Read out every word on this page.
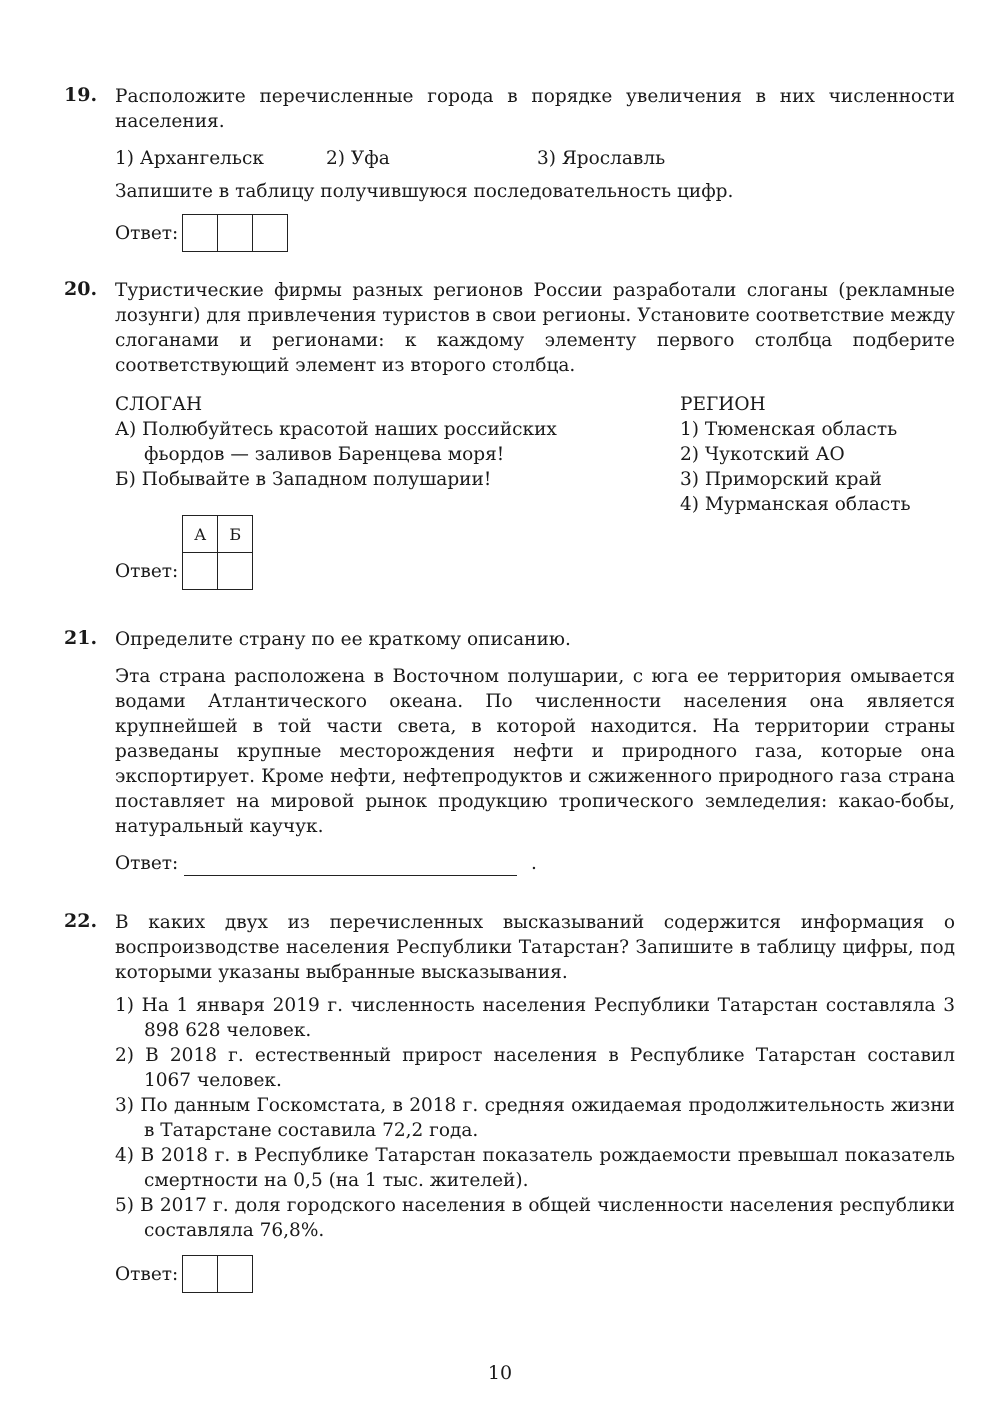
19. Расположите перечисленные города в порядке увеличения в них численности населения.

1) Архангельск	2) Уфа	3) Ярославль

Запишите в таблицу получившуюся последовательность цифр.

Ответ:
20. Туристические фирмы разных регионов России разработали слоганы (рекламные лозунги) для привлечения туристов в свои регионы. Установите соответствие между слоганами и регионами: к каждому элементу первого столбца подберите соответствующий элемент из второго столбца.

СЛОГАН

А) Полюбуйтесь красотой наших российских фьордов — заливов Баренцева моря!

Б) Побывайте в Западном полушарии!

РЕГИОН

1) Тюменская область

2) Чукотский АО

3) Приморский край

4) Мурманская область

Ответ:
А	Б

21. Определите страну по ее краткому описанию.

Эта страна расположена в Восточном полушарии, с юга ее территория омывается водами Атлантического океана. По численности населения она является крупнейшей в той части света, в которой находится. На территории страны разведаны крупные месторождения нефти и природного газа, которые она экспортирует. Кроме нефти, нефтепродуктов и сжиженного природного газа страна поставляет на мировой рынок продукцию тропического земледелия: какао-бобы, натуральный каучук.

Ответ:	.
22. В каких двух из перечисленных высказываний содержится информация о воспроизводстве населения Республики Татарстан? Запишите в таблицу цифры, под которыми указаны выбранные высказывания.

1) На 1 января 2019 г. численность населения Республики Татарстан составляла 3 898 628 человек.

2) В 2018 г. естественный прирост населения в Республике Татарстан составил 1067 человек.

3) По данным Госкомстата, в 2018 г. средняя ожидаемая продолжительность жизни в Татарстане составила 72,2 года.

4) В 2018 г. в Республике Татарстан показатель рождаемости превышал показатель смертности на 0,5 (на 1 тыс. жителей).

5) В 2017 г. доля городского населения в общей численности населения республики составляла 76,8%.

Ответ:
10
